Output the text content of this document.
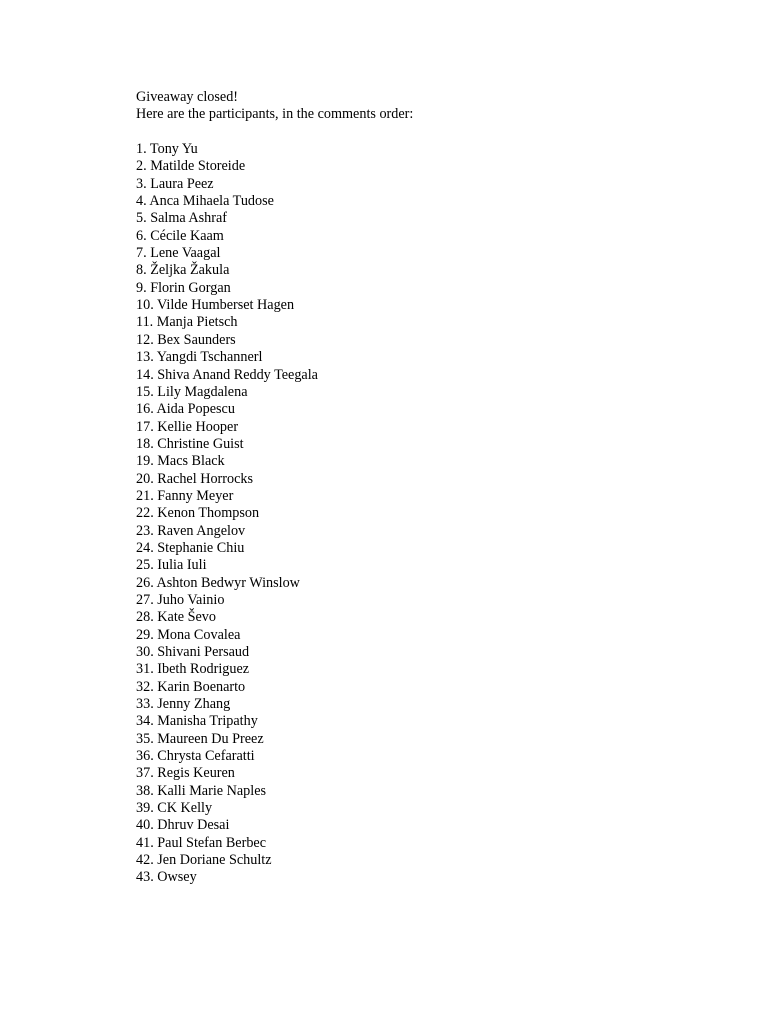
Giveaway closed!

Here are the participants, in the comments order:

1. Tony Yu
2. Matilde Storeide
3. Laura Peez
4. Anca Mihaela Tudose
5. Salma Ashraf
6. Cécile Kaam
7. Lene Vaagal
8. Željka Žakula
9. Florin Gorgan
10. Vilde Humberset Hagen
11. Manja Pietsch
12. Bex Saunders
13. Yangdi Tschannerl
14. Shiva Anand Reddy Teegala
15. Lily Magdalena
16. Aida Popescu
17. Kellie Hooper
18. Christine Guist
19. Macs Black
20. Rachel Horrocks
21. Fanny Meyer
22. Kenon Thompson
23. Raven Angelov
24. Stephanie Chiu
25. Iulia Iuli
26. Ashton Bedwyr Winslow
27. Juho Vainio
28. Kate Ševo
29. Mona Covalea
30. Shivani Persaud
31. Ibeth Rodriguez
32. Karin Boenarto
33. Jenny Zhang
34. Manisha Tripathy
35. Maureen Du Preez
36. Chrysta Cefaratti
37. Regis Keuren
38. Kalli Marie Naples
39. CK Kelly
40. Dhruv Desai
41. Paul Stefan Berbec
42. Jen Doriane Schultz
43. Owsey
